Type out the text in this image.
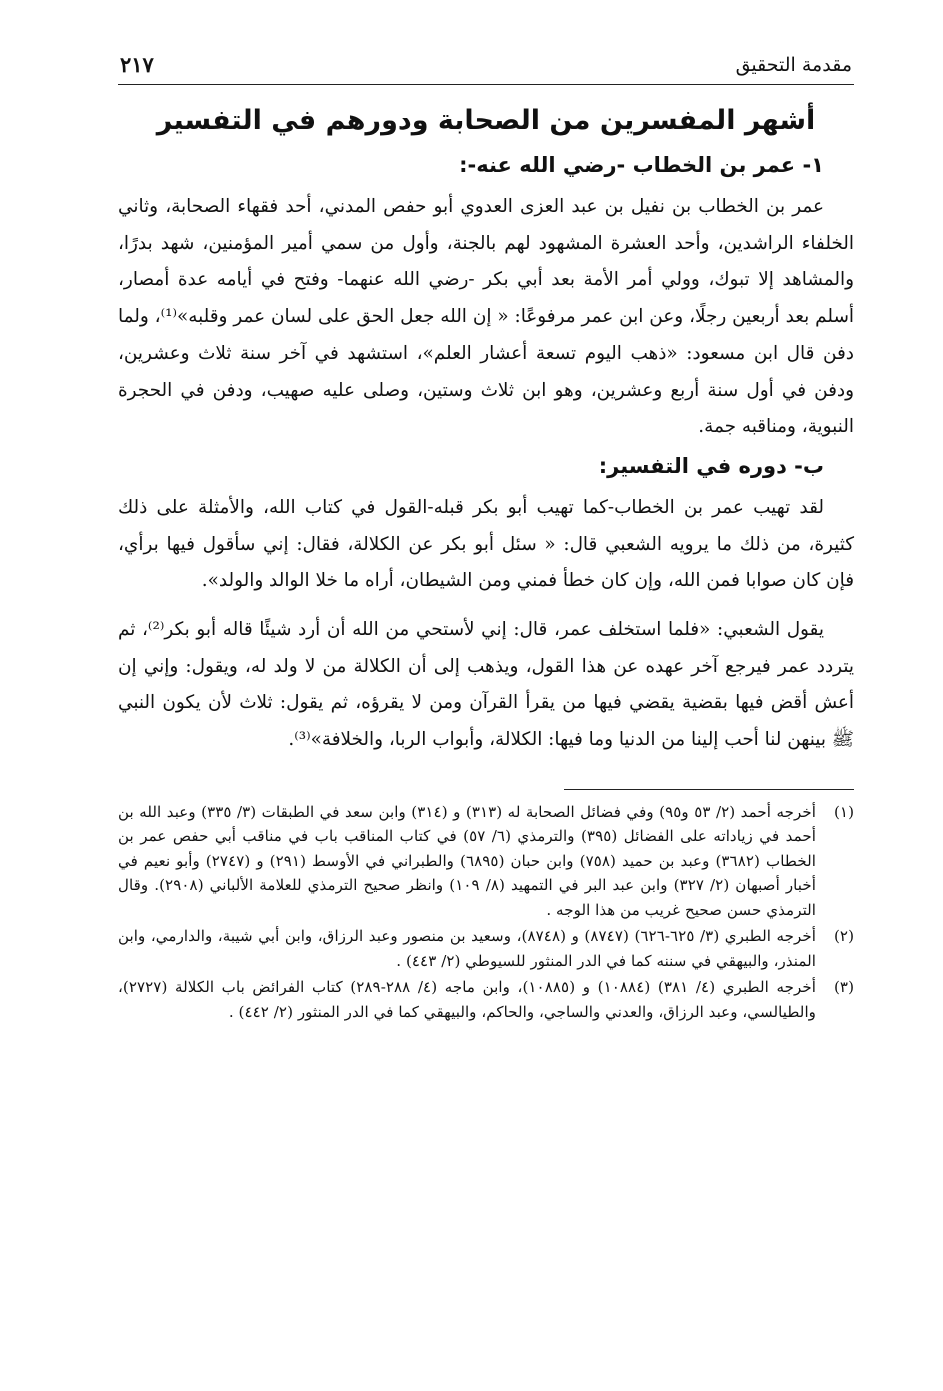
مقدمة التحقيق
٢١٧
أشهر المفسرين من الصحابة ودورهم في التفسير
١- عمر بن الخطاب -رضي الله عنه-:

عمر بن الخطاب بن نفيل بن عبد العزى العدوي أبو حفص المدني، أحد فقهاء الصحابة، وثاني الخلفاء الراشدين، وأحد العشرة المشهود لهم بالجنة، وأول من سمي أمير المؤمنين، شهد بدرًا، والمشاهد إلا تبوك، وولي أمر الأمة بعد أبي بكر -رضي الله عنهما- وفتح في أيامه عدة أمصار، أسلم بعد أربعين رجلًا، وعن ابن عمر مرفوعًا: « إن الله جعل الحق على لسان عمر وقلبه»⁽¹⁾، ولما دفن قال ابن مسعود: «ذهب اليوم تسعة أعشار العلم»، استشهد في آخر سنة ثلاث وعشرين، ودفن في أول سنة أربع وعشرين، وهو ابن ثلاث وستين، وصلى عليه صهيب، ودفن في الحجرة النبوية، ومناقبه جمة.

ب- دوره في التفسير:

لقد تهيب عمر بن الخطاب-كما تهيب أبو بكر قبله-القول في كتاب الله، والأمثلة على ذلك كثيرة، من ذلك ما يرويه الشعبي قال: « سئل أبو بكر عن الكلالة، فقال: إني سأقول فيها برأي، فإن كان صوابا فمن الله، وإن كان خطأ فمني ومن الشيطان، أراه ما خلا الوالد والولد».

يقول الشعبي: «فلما استخلف عمر، قال: إني لأستحي من الله أن أرد شيئًا قاله أبو بكر⁽²⁾، ثم يتردد عمر فيرجع آخر عهده عن هذا القول، ويذهب إلى أن الكلالة من لا ولد له، ويقول: وإني إن أعش أقض فيها بقضية يقضي فيها من يقرأ القرآن ومن لا يقرؤه، ثم يقول: ثلاث لأن يكون النبي ﷺ بينهن لنا أحب إلينا من الدنيا وما فيها: الكلالة، وأبواب الربا، والخلافة»⁽³⁾.

(١)
أخرجه أحمد (٢/ ٥٣ و٩٥) وفي فضائل الصحابة له (٣١٣) و (٣١٤) وابن سعد في الطبقات (٣/ ٣٣٥) وعبد الله بن أحمد في زياداته على الفضائل (٣٩٥) والترمذي (٦/ ٥٧) في كتاب المناقب باب في مناقب أبي حفص عمر بن الخطاب (٣٦٨٢) وعبد بن حميد (٧٥٨) وابن حبان (٦٨٩٥) والطبراني في الأوسط (٢٩١) و (٢٧٤٧) وأبو نعيم في أخبار أصبهان (٢/ ٣٢٧) وابن عبد البر في التمهيد (٨/ ١٠٩) وانظر صحيح الترمذي للعلامة الألباني (٢٩٠٨). وقال الترمذي حسن صحيح غريب من هذا الوجه .
(٢)
أخرجه الطبري (٣/ ٦٢٥-٦٢٦) (٨٧٤٧) و (٨٧٤٨)، وسعيد بن منصور وعبد الرزاق، وابن أبي شيبة، والدارمي، وابن المنذر، والبيهقي في سننه كما في الدر المنثور للسيوطي (٢/ ٤٤٣) .
(٣)
أخرجه الطبري (٤/ ٣٨١) (١٠٨٨٤) و (١٠٨٨٥)، وابن ماجه (٤/ ٢٨٨-٢٨٩) كتاب الفرائض باب الكلالة (٢٧٢٧)، والطيالسي، وعبد الرزاق، والعدني والساجي، والحاكم، والبيهقي كما في الدر المنثور (٢/ ٤٤٢) .
